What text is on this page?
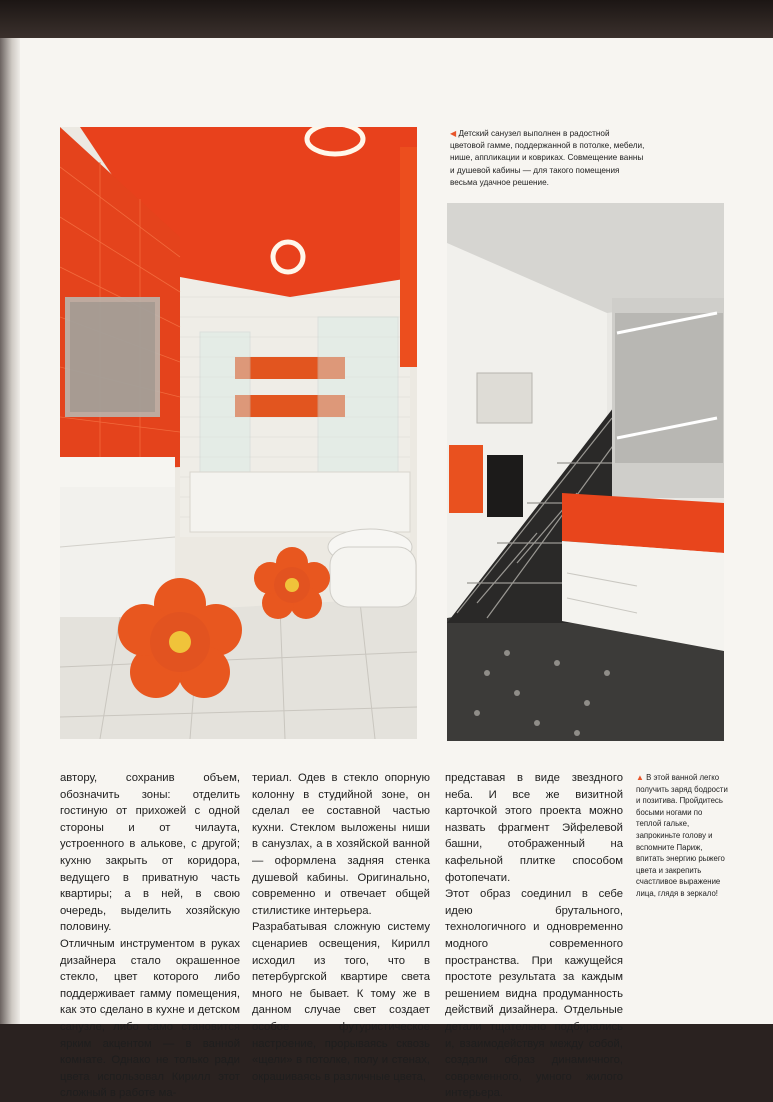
◀ Детский санузел выполнен в радостной цветовой гамме, поддержанной в потолке, мебели, нише, аппликации и ковриках. Совмещение ванны и душевой кабины — для такого помещения весьма удачное решение.

автору, сохранив объем, обозначить зоны: отделить гостиную от прихожей с одной стороны и от чилаута, устроенного в алькове, с другой; кухню закрыть от коридора, ведущего в приватную часть квартиры; а в ней, в свою очередь, выделить хозяйскую половину.

Отличным инструментом в руках дизайнера стало окрашенное стекло, цвет которого либо поддерживает гамму помещения, как это сделано в кухне и детском санузле, либо само становится ярким акцентом — в ванной комнате. Однако не только ради цвета использовал Кирилл этот сложный в работе ма-

териал. Одев в стекло опорную колонну в студийной зоне, он сделал ее составной частью кухни. Стеклом выложены ниши в санузлах, а в хозяйской ванной — оформлена задняя стенка душевой кабины. Оригинально, современно и отвечает общей стилистике интерьера.

Разрабатывая сложную систему сценариев освещения, Кирилл исходил из того, что в петербургской квартире света много не бывает. К тому же в данном случае свет создает особое футуристическое настроение, прорываясь сквозь «щели» в потолке, полу и стенах, окрашиваясь в различные цвета,

представая в виде звездного неба. И все же визитной карточкой этого проекта можно назвать фрагмент Эйфелевой башни, отображенный на кафельной плитке способом фотопечати.

Этот образ соединил в себе идею брутального, технологичного и одновременно модного современного пространства. При кажущейся простоте результата за каждым решением видна продуманность действий дизайнера. Отдельные детали тщательно подбирались и, взаимодействуя между собой, создали образ динамичного, современного, умного жилого интерьера.

▲ В этой ванной легко получить заряд бодрости и позитива. Пройдитесь босыми ногами по теплой гальке, запрокиньте голову и вспомните Париж, впитать энергию рыжего цвета и закрепить счастливое выражение лица, глядя в зеркало!
